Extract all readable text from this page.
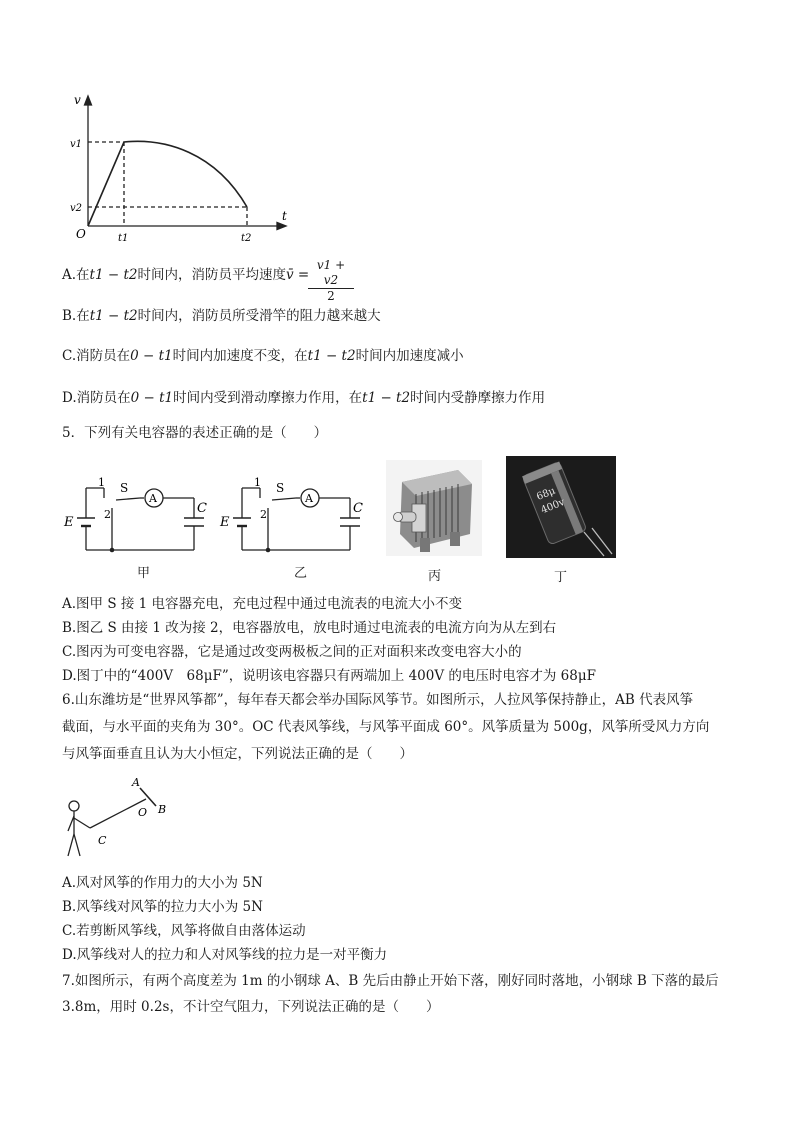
v
t
O
v1
v2
t1	t2
A.在t1 − t2时间内，消防员平均速度v̄ =
$\frac{v1 + v2}{2}$
B.在t1 − t2时间内，消防员所受滑竿的阻力越来越大
C.消防员在0 − t1时间内加速度不变，在t1 − t2时间内加速度减小
D.消防员在0 − t1时间内受到滑动摩擦力作用，在t1 − t2时间内受静摩擦力作用
5．下列有关电容器的表述正确的是（　　）
E
1
2
S
A
C
甲
E
1
2
S
A
C
乙	丙
68μ
400v
丁
A.图甲 S 接 1 电容器充电，充电过程中通过电流表的电流大小不变
B.图乙 S 由接 1 改为接 2，电容器放电，放电时通过电流表的电流方向为从左到右
C.图丙为可变电容器，它是通过改变两极板之间的正对面积来改变电容大小的
D.图丁中的“400V　68μF”，说明该电容器只有两端加上 400V 的电压时电容才为 68μF
6.山东潍坊是“世界风筝都”，每年春天都会举办国际风筝节。如图所示，人拉风筝保持静止，AB 代表风筝
截面，与水平面的夹角为 30°。OC 代表风筝线，与风筝平面成 60°。风筝质量为 500g，风筝所受风力方向
与风筝面垂直且认为大小恒定，下列说法正确的是（　　）
A
B
O
C
A.风对风筝的作用力的大小为 5N
B.风筝线对风筝的拉力大小为 5N
C.若剪断风筝线，风筝将做自由落体运动
D.风筝线对人的拉力和人对风筝线的拉力是一对平衡力
7.如图所示，有两个高度差为 1m 的小钢球 A、B 先后由静止开始下落，刚好同时落地，小钢球 B 下落的最后
3.8m，用时 0.2s，不计空气阻力，下列说法正确的是（　　）
